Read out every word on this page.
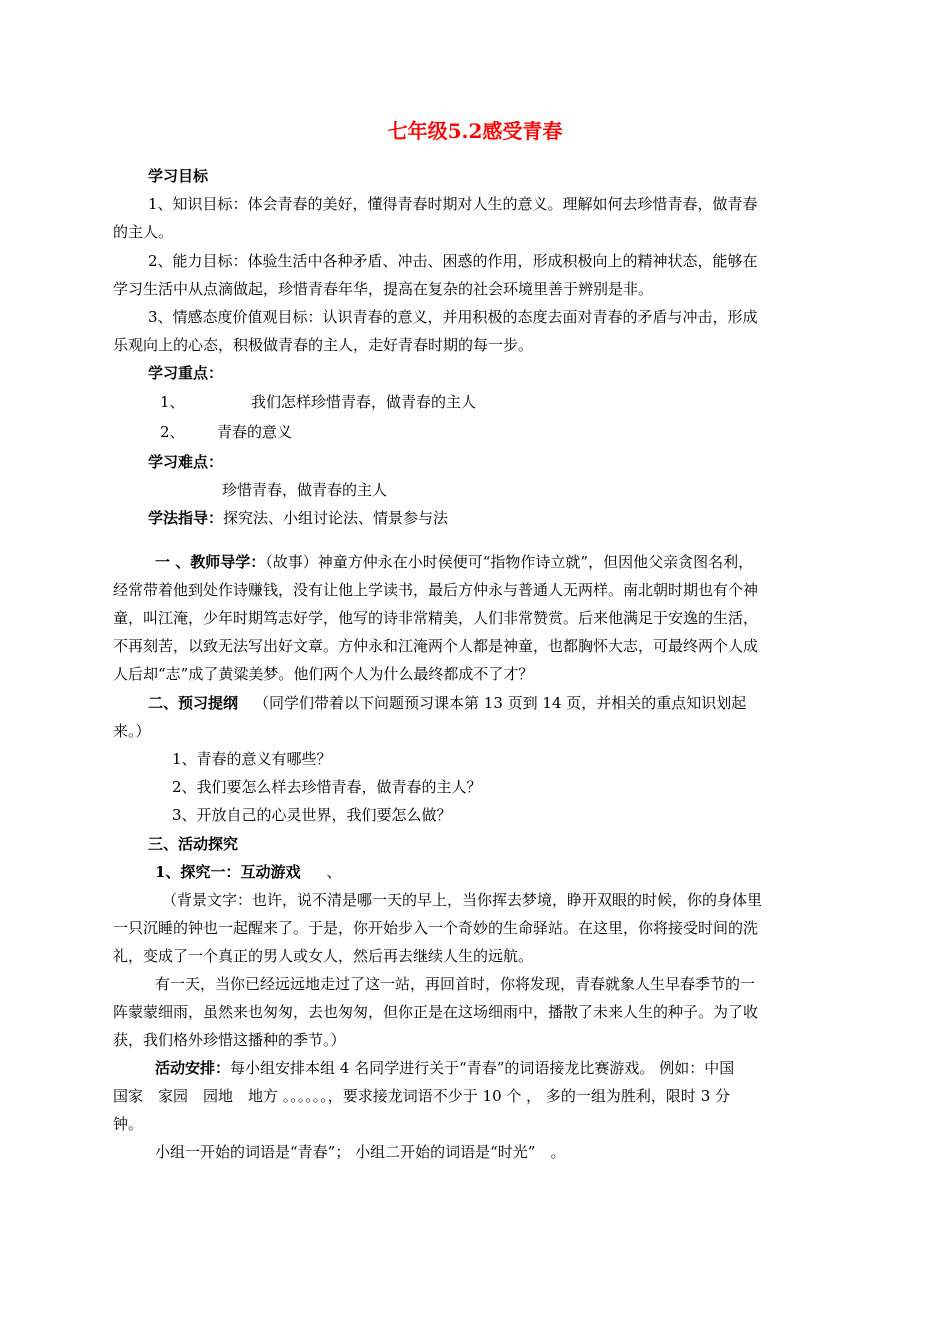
七年级5.2感受青春
学习目标
1、知识目标：体会青春的美好，懂得青春时期对人生的意义。理解如何去珍惜青春，做青春
的主人。
2、能力目标：体验生活中各种矛盾、冲击、困惑的作用，形成积极向上的精神状态，能够在
学习生活中从点滴做起，珍惜青春年华，提高在复杂的社会环境里善于辨别是非。
3、情感态度价值观目标：认识青春的意义，并用积极的态度去面对青春的矛盾与冲击，形成
乐观向上的心态，积极做青春的主人，走好青春时期的每一步。
学习重点：
1、	我们怎样珍惜青春，做青春的主人
2、 青春的意义
学习难点：
珍惜青春，做青春的主人
学法指导：探究法、小组讨论法、情景参与法
一 、教师导学：（故事）神童方仲永在小时侯便可“指物作诗立就”，但因他父亲贪图名利，
经常带着他到处作诗赚钱，没有让他上学读书，最后方仲永与普通人无两样。南北朝时期也有个神
童，叫江淹，少年时期笃志好学，他写的诗非常精美，人们非常赞赏。后来他满足于安逸的生活，
不再刻苦，以致无法写出好文章。方仲永和江淹两个人都是神童，也都胸怀大志，可最终两个人成
人后却“志”成了黄粱美梦。他们两个人为什么最终都成不了才？
二、预习提纲 （同学们带着以下问题预习课本第 13 页到 14 页，并相关的重点知识划起
来。）
1、青春的意义有哪些？
2、我们要怎么样去珍惜青春，做青春的主人？
3、开放自己的心灵世界，我们要怎么做？
三、活动探究
1、探究一：互动游戏 、
（背景文字：也许，说不清是哪一天的早上，当你挥去梦境，睁开双眼的时候，你的身体里
一只沉睡的钟也一起醒来了。于是，你开始步入一个奇妙的生命驿站。在这里，你将接受时间的洗
礼，变成了一个真正的男人或女人，然后再去继续人生的远航。
有一天，当你已经远远地走过了这一站，再回首时，你将发现，青春就象人生早春季节的一
阵蒙蒙细雨，虽然来也匆匆，去也匆匆，但你正是在这场细雨中，播散了未来人生的种子。为了收
获，我们格外珍惜这播种的季节。）
活动安排：每小组安排本组 4 名同学进行关于“青春”的词语接龙比赛游戏。 例如：中国
国家　家园　园地　地方 。。。。。。，要求接龙词语不少于 10 个 ， 多的一组为胜利，限时 3 分
钟。
小组一开始的词语是“青春”； 小组二开始的词语是“时光”　。
